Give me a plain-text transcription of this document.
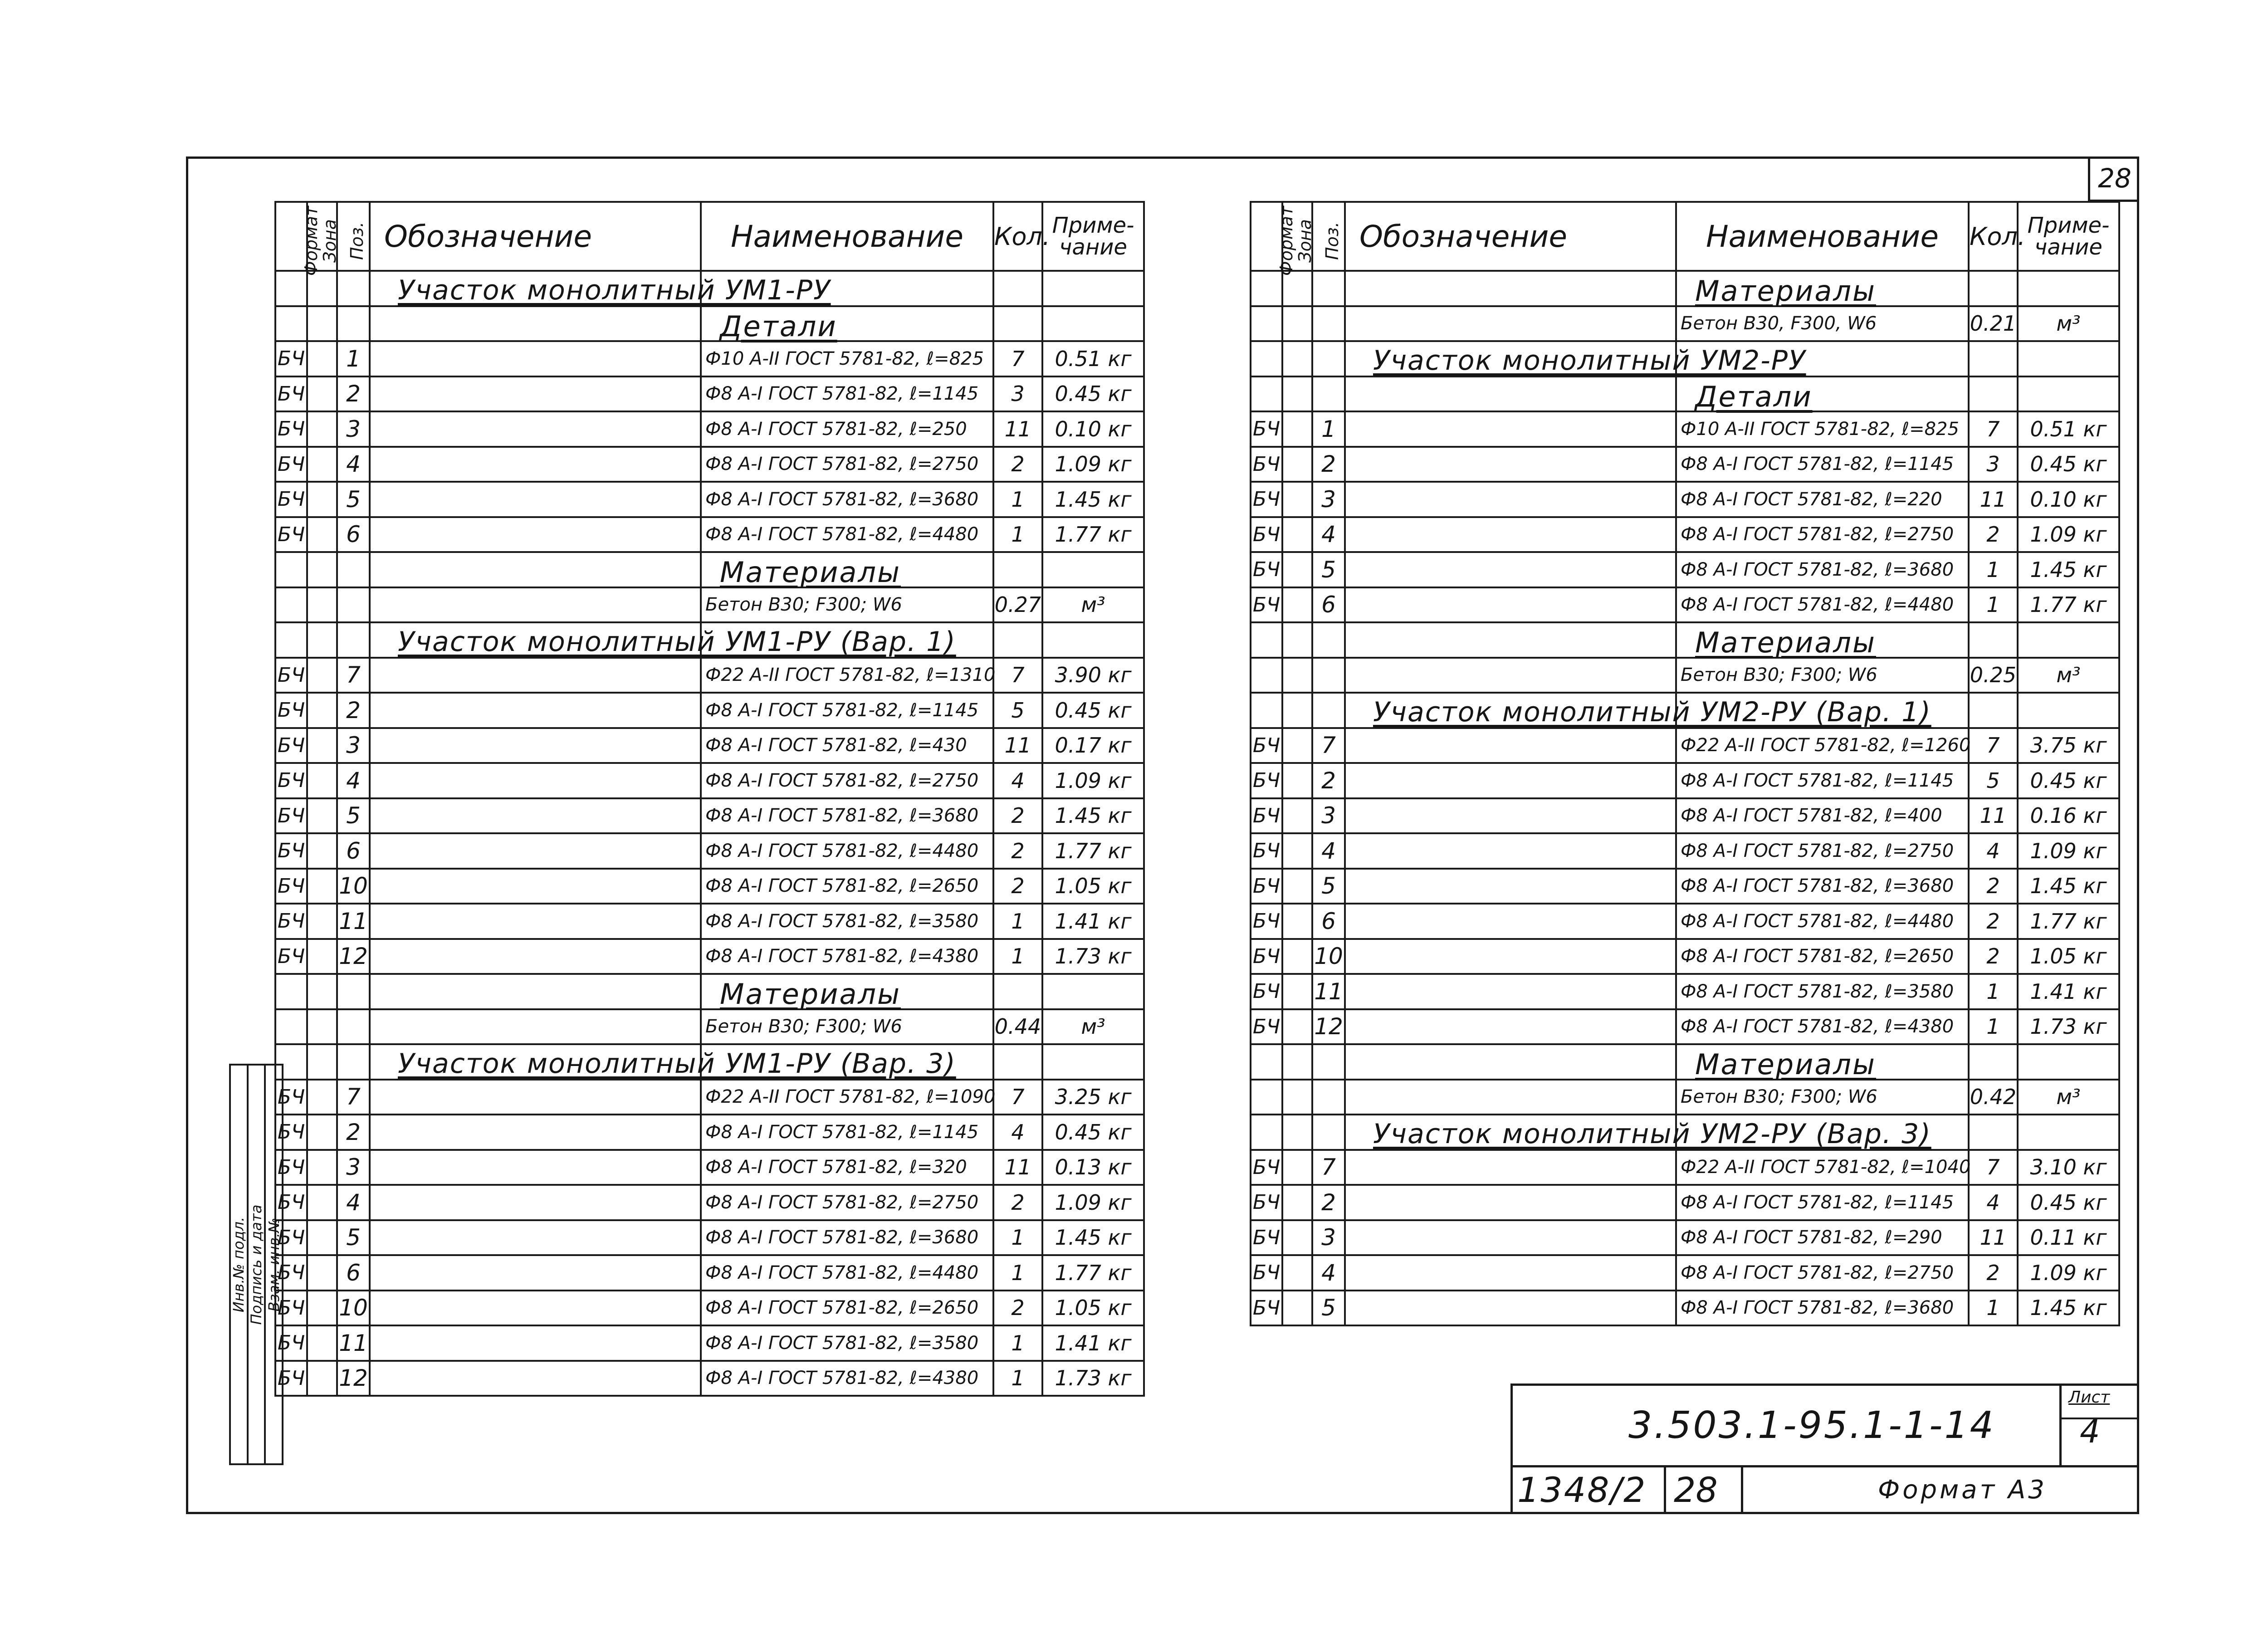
28
Формат	Зона	Поз.	Обозначение	Наименование	Кол.	Приме-
чание

			Участок монолитный УМ1-РУ			

			Детали			

БЧ		1		Ф10 А-II ГОСТ 5781-82, ℓ=825	7	0.51 кг
БЧ		2		Ф8 А-I ГОСТ 5781-82, ℓ=1145	3	0.45 кг
БЧ		3		Ф8 А-I ГОСТ 5781-82, ℓ=250	11	0.10 кг
БЧ		4		Ф8 А-I ГОСТ 5781-82, ℓ=2750	2	1.09 кг
БЧ		5		Ф8 А-I ГОСТ 5781-82, ℓ=3680	1	1.45 кг
БЧ		6		Ф8 А-I ГОСТ 5781-82, ℓ=4480	1	1.77 кг

			Материалы			

				Бетон В30; F300; W6	0.27	м³

			Участок монолитный УМ1-РУ (Вар. 1)			

БЧ		7		Ф22 А-II ГОСТ 5781-82, ℓ=1310	7	3.90 кг
БЧ		2		Ф8 А-I ГОСТ 5781-82, ℓ=1145	5	0.45 кг
БЧ		3		Ф8 А-I ГОСТ 5781-82, ℓ=430	11	0.17 кг
БЧ		4		Ф8 А-I ГОСТ 5781-82, ℓ=2750	4	1.09 кг
БЧ		5		Ф8 А-I ГОСТ 5781-82, ℓ=3680	2	1.45 кг
БЧ		6		Ф8 А-I ГОСТ 5781-82, ℓ=4480	2	1.77 кг
БЧ		10		Ф8 А-I ГОСТ 5781-82, ℓ=2650	2	1.05 кг
БЧ		11		Ф8 А-I ГОСТ 5781-82, ℓ=3580	1	1.41 кг
БЧ		12		Ф8 А-I ГОСТ 5781-82, ℓ=4380	1	1.73 кг

			Материалы			

				Бетон В30; F300; W6	0.44	м³

			Участок монолитный УМ1-РУ (Вар. 3)			

БЧ		7		Ф22 А-II ГОСТ 5781-82, ℓ=1090	7	3.25 кг
БЧ		2		Ф8 А-I ГОСТ 5781-82, ℓ=1145	4	0.45 кг
БЧ		3		Ф8 А-I ГОСТ 5781-82, ℓ=320	11	0.13 кг
БЧ		4		Ф8 А-I ГОСТ 5781-82, ℓ=2750	2	1.09 кг
БЧ		5		Ф8 А-I ГОСТ 5781-82, ℓ=3680	1	1.45 кг
БЧ		6		Ф8 А-I ГОСТ 5781-82, ℓ=4480	1	1.77 кг
БЧ		10		Ф8 А-I ГОСТ 5781-82, ℓ=2650	2	1.05 кг
БЧ		11		Ф8 А-I ГОСТ 5781-82, ℓ=3580	1	1.41 кг
БЧ		12		Ф8 А-I ГОСТ 5781-82, ℓ=4380	1	1.73 кг
Формат	Зона	Поз.	Обозначение	Наименование	Кол.	Приме-
чание

			Материалы			

				Бетон В30, F300, W6	0.21	м³

			Участок монолитный УМ2-РУ			

			Детали			

БЧ		1		Ф10 А-II ГОСТ 5781-82, ℓ=825	7	0.51 кг
БЧ		2		Ф8 А-I ГОСТ 5781-82, ℓ=1145	3	0.45 кг
БЧ		3		Ф8 А-I ГОСТ 5781-82, ℓ=220	11	0.10 кг
БЧ		4		Ф8 А-I ГОСТ 5781-82, ℓ=2750	2	1.09 кг
БЧ		5		Ф8 А-I ГОСТ 5781-82, ℓ=3680	1	1.45 кг
БЧ		6		Ф8 А-I ГОСТ 5781-82, ℓ=4480	1	1.77 кг

			Материалы			

				Бетон В30; F300; W6	0.25	м³

			Участок монолитный УМ2-РУ (Вар. 1)			

БЧ		7		Ф22 А-II ГОСТ 5781-82, ℓ=1260	7	3.75 кг
БЧ		2		Ф8 А-I ГОСТ 5781-82, ℓ=1145	5	0.45 кг
БЧ		3		Ф8 А-I ГОСТ 5781-82, ℓ=400	11	0.16 кг
БЧ		4		Ф8 А-I ГОСТ 5781-82, ℓ=2750	4	1.09 кг
БЧ		5		Ф8 А-I ГОСТ 5781-82, ℓ=3680	2	1.45 кг
БЧ		6		Ф8 А-I ГОСТ 5781-82, ℓ=4480	2	1.77 кг
БЧ		10		Ф8 А-I ГОСТ 5781-82, ℓ=2650	2	1.05 кг
БЧ		11		Ф8 А-I ГОСТ 5781-82, ℓ=3580	1	1.41 кг
БЧ		12		Ф8 А-I ГОСТ 5781-82, ℓ=4380	1	1.73 кг

			Материалы			

				Бетон В30; F300; W6	0.42	м³

			Участок монолитный УМ2-РУ (Вар. 3)			

БЧ		7		Ф22 А-II ГОСТ 5781-82, ℓ=1040	7	3.10 кг
БЧ		2		Ф8 А-I ГОСТ 5781-82, ℓ=1145	4	0.45 кг
БЧ		3		Ф8 А-I ГОСТ 5781-82, ℓ=290	11	0.11 кг
БЧ		4		Ф8 А-I ГОСТ 5781-82, ℓ=2750	2	1.09 кг
БЧ		5		Ф8 А-I ГОСТ 5781-82, ℓ=3680	1	1.45 кг
Инв.№ подл. Подпись и дата Взам. инв.№
3.503.1-95.1-1-14
Лист
4
1348/2 28	Формат А3
